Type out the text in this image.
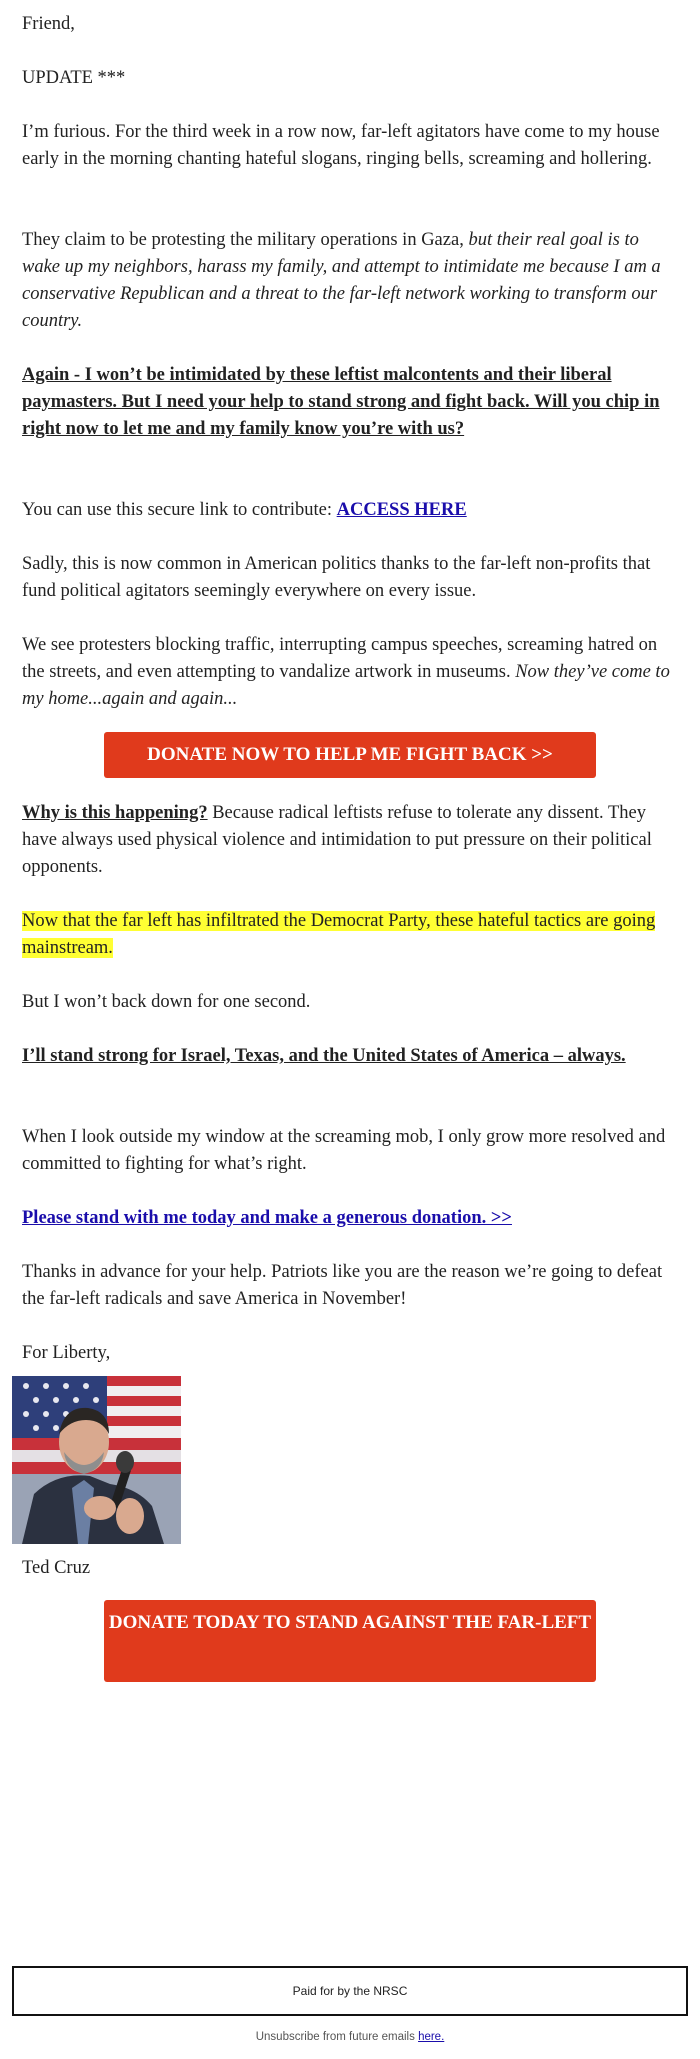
Friend,

UPDATE ***

I’m furious. For the third week in a row now, far-left agitators have come to my house early in the morning chanting hateful slogans, ringing bells, screaming and hollering.

They claim to be protesting the military operations in Gaza, but their real goal is to wake up my neighbors, harass my family, and attempt to intimidate me because I am a conservative Republican and a threat to the far-left network working to transform our country.

Again - I won’t be intimidated by these leftist malcontents and their liberal paymasters. But I need your help to stand strong and fight back. Will you chip in right now to let me and my family know you’re with us?

You can use this secure link to contribute: ACCESS HERE

Sadly, this is now common in American politics thanks to the far-left non-profits that fund political agitators seemingly everywhere on every issue.

We see protesters blocking traffic, interrupting campus speeches, screaming hatred on the streets, and even attempting to vandalize artwork in museums. Now they’ve come to my home...again and again...

Why is this happening? Because radical leftists refuse to tolerate any dissent. They have always used physical violence and intimidation to put pressure on their political opponents.

Now that the far left has infiltrated the Democrat Party, these hateful tactics are going mainstream.

But I won’t back down for one second.

I’ll stand strong for Israel, Texas, and the United States of America – always.

When I look outside my window at the screaming mob, I only grow more resolved and committed to fighting for what’s right.

Please stand with me today and make a generous donation. >>

Thanks in advance for your help. Patriots like you are the reason we’re going to defeat the far-left radicals and save America in November!

For Liberty,

Ted Cruz

DONATE NOW TO HELP ME FIGHT BACK >>
DONATE TODAY TO STAND AGAINST THE FAR-LEFT
Paid for by the NRSC
Unsubscribe from future emails here.
